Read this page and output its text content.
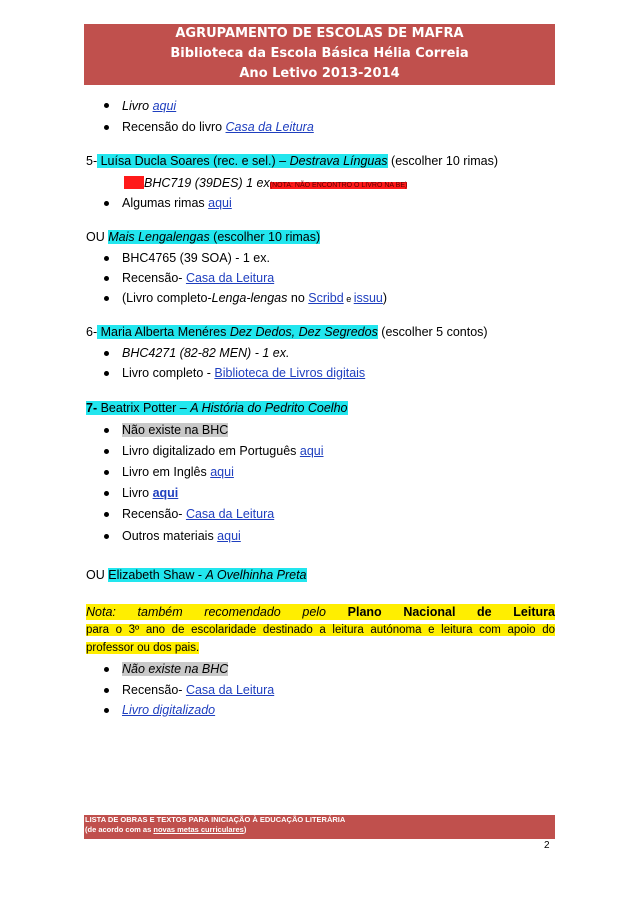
AGRUPAMENTO DE ESCOLAS DE MAFRA
Biblioteca da Escola Básica Hélia Correia
Ano Letivo 2013-2014
Livro aqui
Recensão do livro Casa da Leitura
5- Luísa Ducla Soares (rec. e sel.) – Destrava Línguas (escolher 10 rimas)
BHC719 (39DES) 1 ex(NOTA: NÃO ENCONTRO O LIVRO NA BE)
Algumas rimas aqui
OU Mais Lengalengas (escolher 10 rimas)
BHC4765 (39 SOA) - 1 ex.
Recensão- Casa da Leitura
(Livro completo-Lenga-lengas no Scribd e issuu)
6- Maria Alberta Menéres Dez Dedos, Dez Segredos (escolher 5 contos)
BHC4271 (82-82 MEN) - 1 ex.
Livro completo - Biblioteca de Livros digitais
7- Beatrix Potter – A História do Pedrito Coelho
Não existe na BHC
Livro digitalizado em Português aqui
Livro em Inglês aqui
Livro aqui
Recensão- Casa da Leitura
Outros materiais aqui
OU Elizabeth Shaw - A Ovelhinha Preta
Nota: também recomendado pelo Plano Nacional de Leitura
para o 3º ano de escolaridade destinado a leitura autónoma e leitura com apoio do
professor ou dos pais.
Não existe na BHC
Recensão- Casa da Leitura
Livro digitalizado
LISTA DE OBRAS E TEXTOS PARA INICIAÇÃO À EDUCAÇÃO LITERÁRIA
(de acordo com as novas metas curriculares)
2
